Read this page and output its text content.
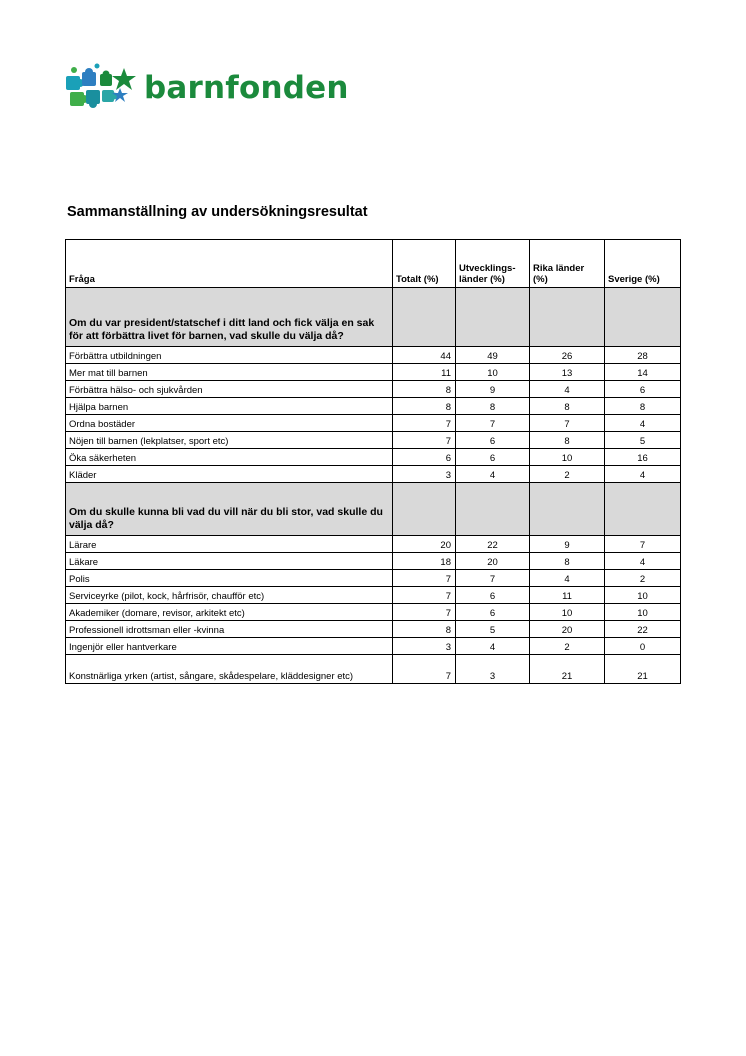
barnfonden
Sammanställning av undersökningsresultat
Fråga	Totalt (%)	Utvecklings-länder (%)	Rika länder (%)	Sverige (%)
Om du var president/statschef i ditt land och fick välja en sak för att förbättra livet för barnen, vad skulle du välja då?				
Förbättra utbildningen	44	49	26	28
Mer mat till barnen	11	10	13	14
Förbättra hälso- och sjukvården	8	9	4	6
Hjälpa barnen	8	8	8	8
Ordna bostäder	7	7	7	4
Nöjen till barnen (lekplatser, sport etc)	7	6	8	5
Öka säkerheten	6	6	10	16
Kläder	3	4	2	4
Om du skulle kunna bli vad du vill när du bli stor, vad skulle du välja då?				
Lärare	20	22	9	7
Läkare	18	20	8	4
Polis	7	7	4	2
Serviceyrke (pilot, kock, hårfrisör, chaufför etc)	7	6	11	10
Akademiker (domare, revisor, arkitekt etc)	7	6	10	10
Professionell idrottsman eller -kvinna	8	5	20	22
Ingenjör eller hantverkare	3	4	2	0
Konstnärliga yrken (artist, sångare, skådespelare, kläddesigner etc)	7	3	21	21
